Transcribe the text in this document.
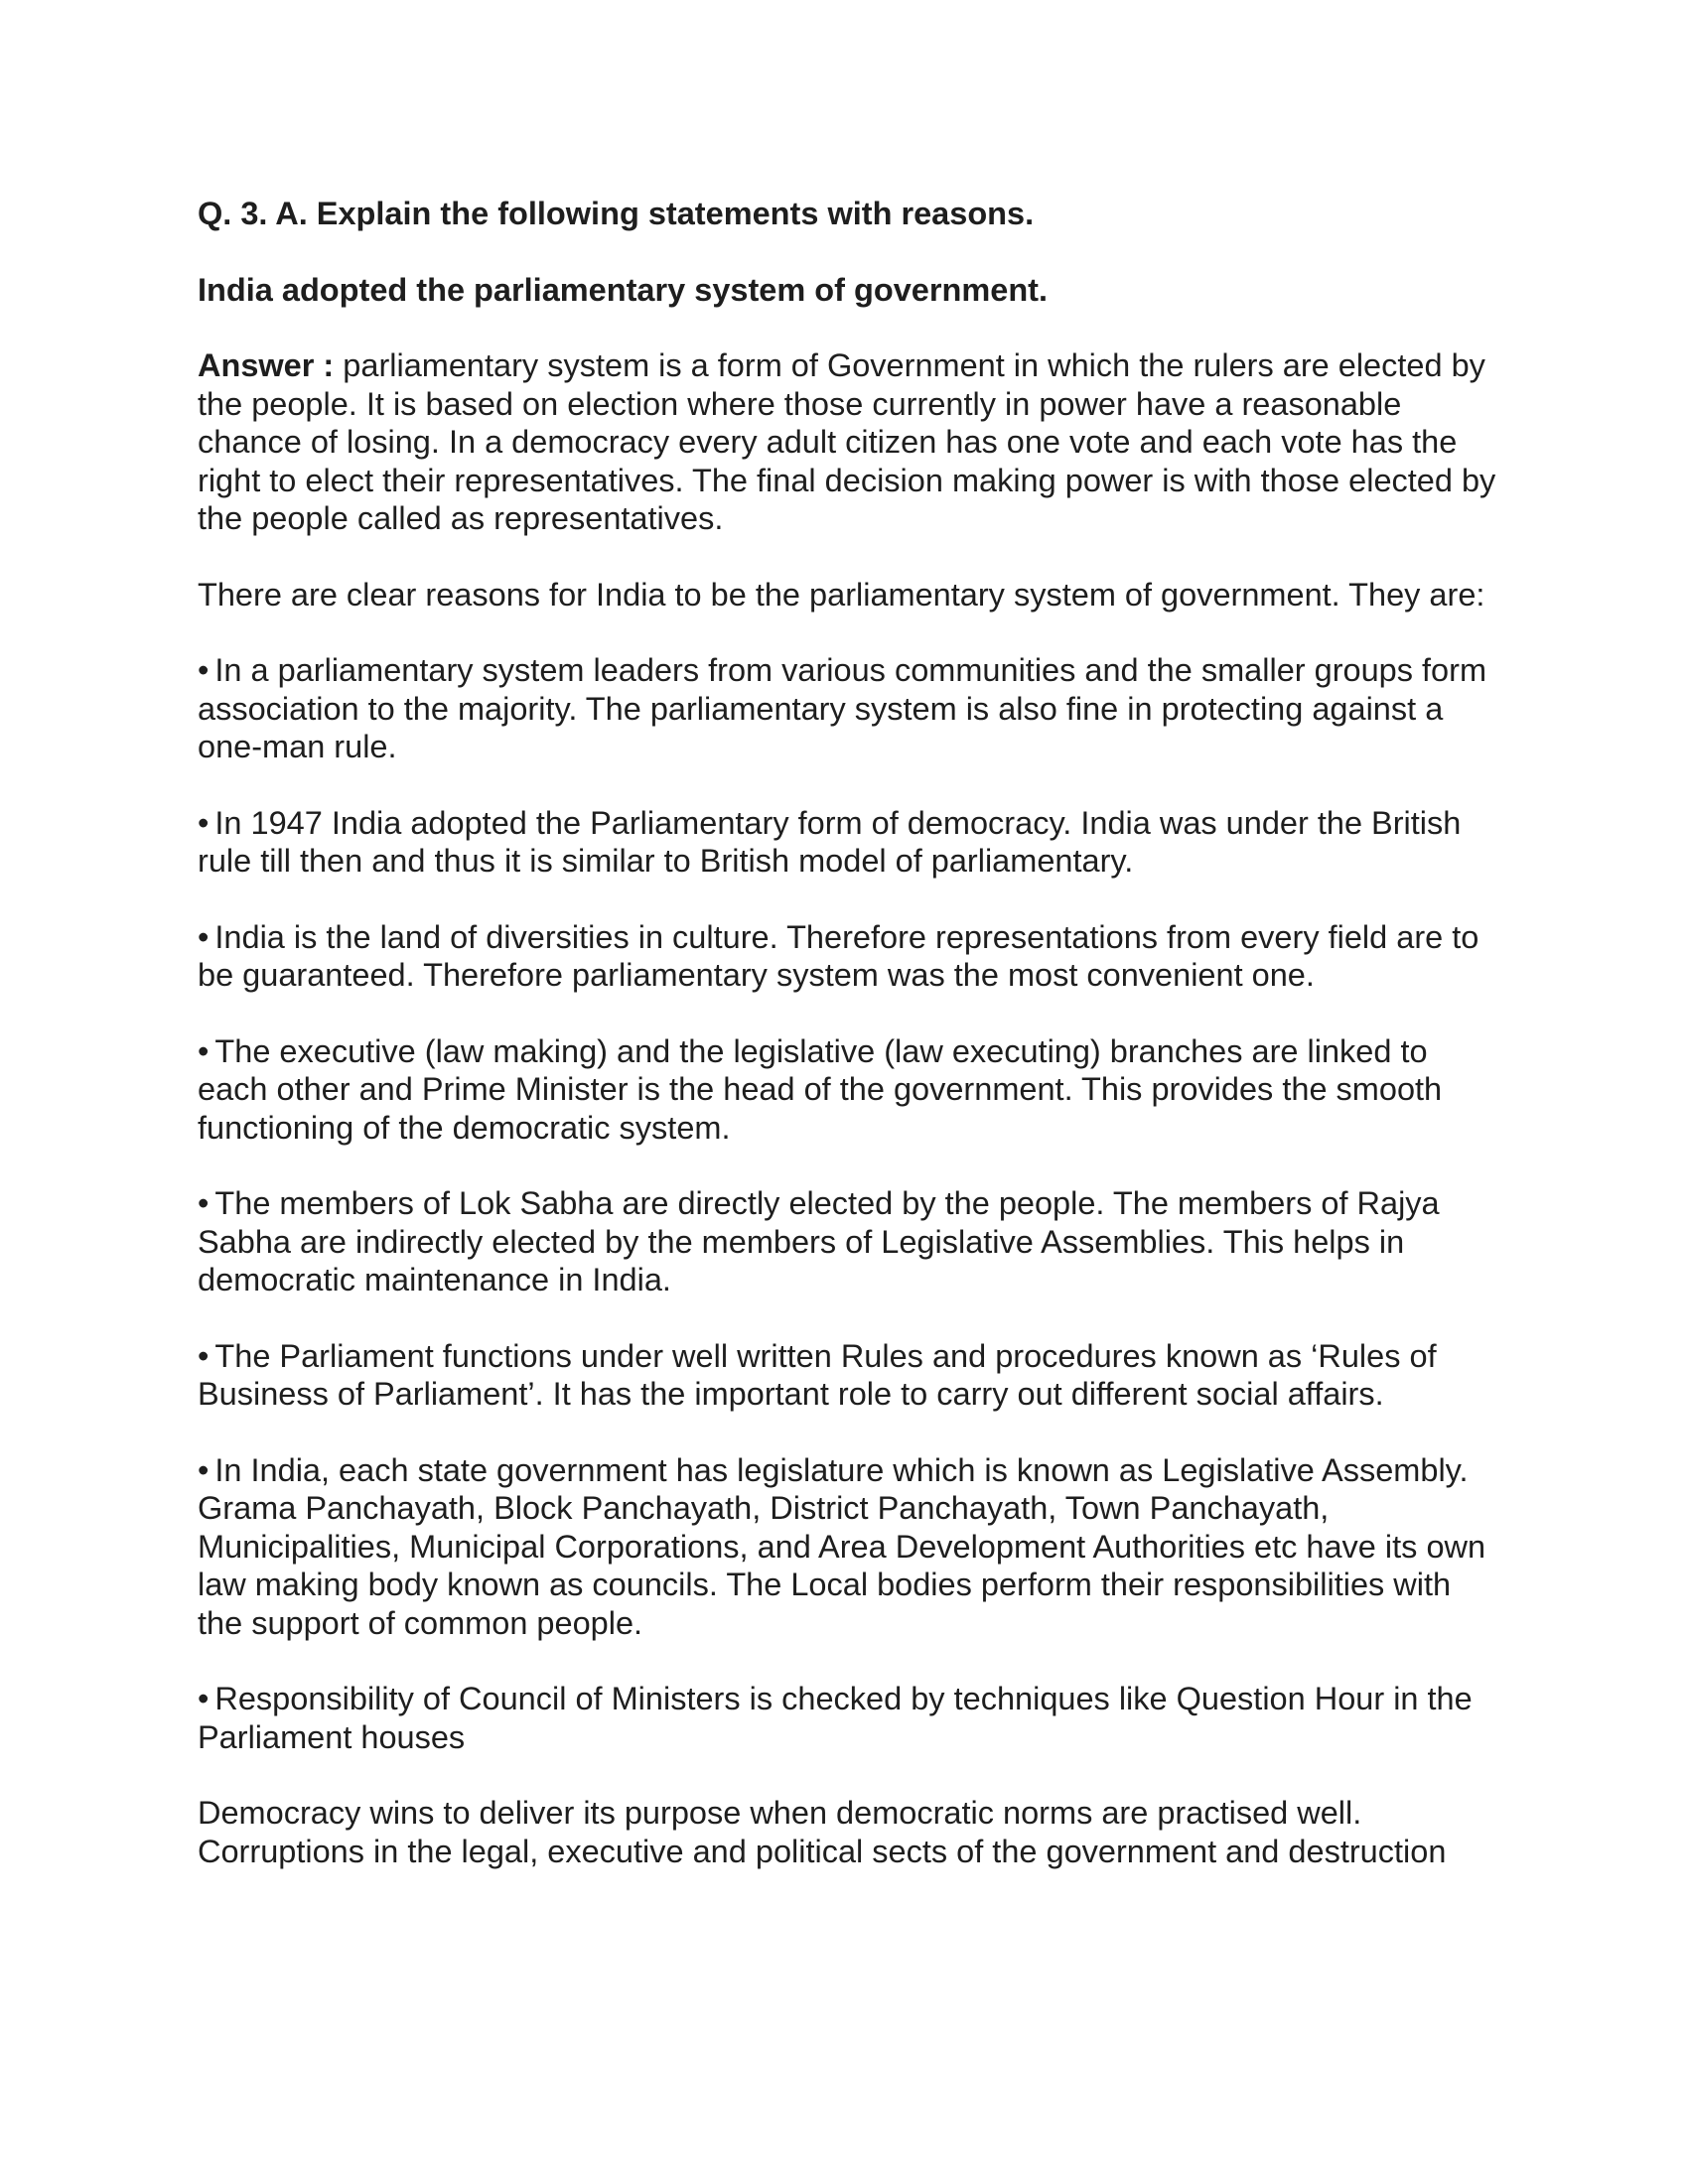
Q. 3. A. Explain the following statements with reasons.

India adopted the parliamentary system of government.

Answer : parliamentary system is a form of Government in which the rulers are elected by the people. It is based on election where those currently in power have a reasonable chance of losing. In a democracy every adult citizen has one vote and each vote has the right to elect their representatives. The final decision making power is with those elected by the people called as representatives.

There are clear reasons for India to be the parliamentary system of government. They are:

• In a parliamentary system leaders from various communities and the smaller groups form association to the majority. The parliamentary system is also fine in protecting against a one-man rule.

• In 1947 India adopted the Parliamentary form of democracy. India was under the British rule till then and thus it is similar to British model of parliamentary.

• India is the land of diversities in culture. Therefore representations from every field are to be guaranteed. Therefore parliamentary system was the most convenient one.

• The executive (law making) and the legislative (law executing) branches are linked to each other and Prime Minister is the head of the government. This provides the smooth functioning of the democratic system.

• The members of Lok Sabha are directly elected by the people. The members of Rajya Sabha are indirectly elected by the members of Legislative Assemblies. This helps in democratic maintenance in India.

• The Parliament functions under well written Rules and procedures known as ‘Rules of Business of Parliament’. It has the important role to carry out different social affairs.

• In India, each state government has legislature which is known as Legislative Assembly. Grama Panchayath, Block Panchayath, District Panchayath, Town Panchayath, Municipalities, Municipal Corporations, and Area Development Authorities etc have its own law making body known as councils. The Local bodies perform their responsibilities with the support of common people.

• Responsibility of Council of Ministers is checked by techniques like Question Hour in the Parliament houses

Democracy wins to deliver its purpose when democratic norms are practised well. Corruptions in the legal, executive and political sects of the government and destruction
